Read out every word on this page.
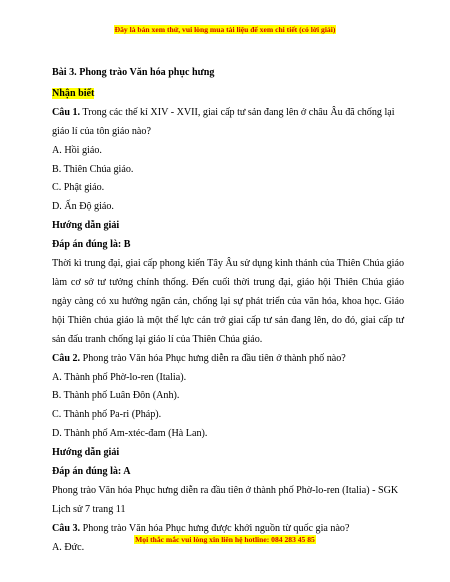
Đây là bản xem thử, vui lòng mua tài liệu để xem chi tiết (có lời giải)

Bài 3. Phong trào Văn hóa phục hưng

Nhận biết

Câu 1. Trong các thế kỉ XIV - XVII, giai cấp tư sản đang lên ở châu Âu đã chống lại giáo lí của tôn giáo nào?

A. Hồi giáo.

B. Thiên Chúa giáo.

C. Phật giáo.

D. Ấn Độ giáo.

Hướng dẫn giải

Đáp án đúng là: B

Thời kì trung đại, giai cấp phong kiến Tây Âu sử dụng kinh thánh của Thiên Chúa giáo làm cơ sở tư tưởng chính thống. Đến cuối thời trung đại, giáo hội Thiên Chúa giáo ngày càng có xu hướng ngăn cản, chống lại sự phát triển của văn hóa, khoa học. Giáo hội Thiên chúa giáo là một thế lực cản trở giai cấp tư sản đang lên, do đó, giai cấp tư sản đấu tranh chống lại giáo lí của Thiên Chúa giáo.

Câu 2. Phong trào Văn hóa Phục hưng diễn ra đầu tiên ở thành phố nào?

A. Thành phố Phờ-lo-ren (Italia).

B. Thành phố Luân Đôn (Anh).

C. Thành phố Pa-ri (Pháp).

D. Thành phố Am-xtéc-đam (Hà Lan).

Hướng dẫn giải

Đáp án đúng là: A

Phong trào Văn hóa Phục hưng diễn ra đầu tiên ở thành phố Phờ-lo-ren (Italia) - SGK Lịch sử 7 trang 11

Câu 3. Phong trào Văn hóa Phục hưng được khởi nguồn từ quốc gia nào?

A. Đức.

Mọi thắc mắc vui lòng xin liên hệ hotline: 084 283 45 85
